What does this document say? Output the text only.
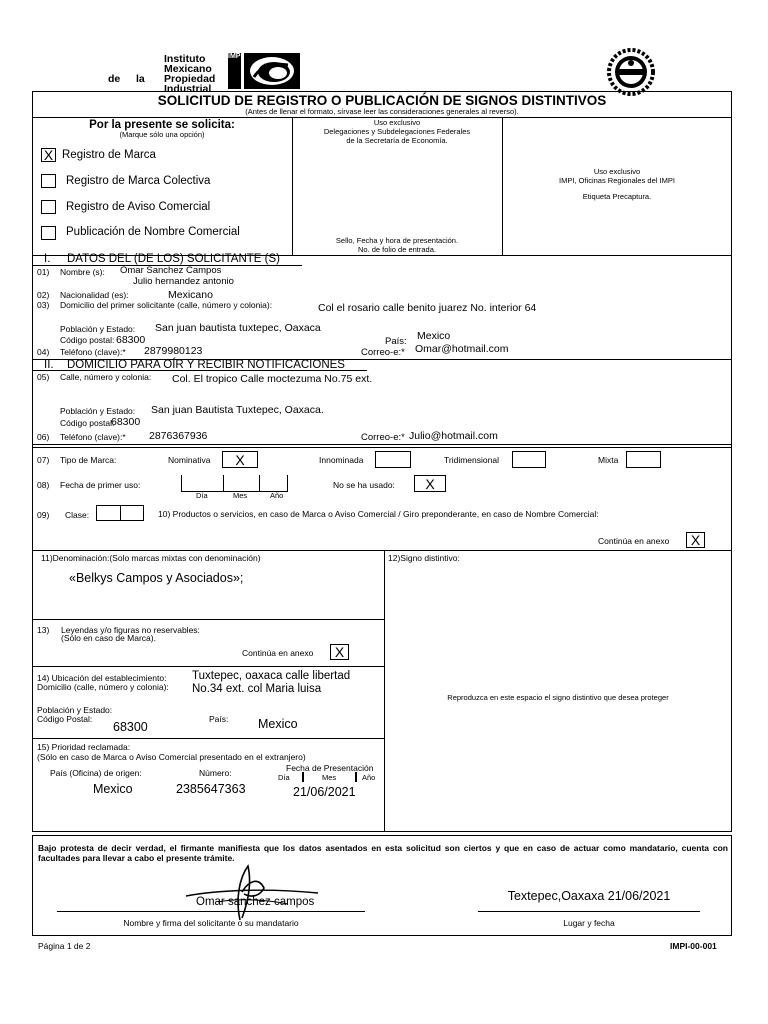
Instituto
Mexicano
de la Propiedad
Industrial
IMPI
SOLICITUD DE REGISTRO O PUBLICACIÓN DE SIGNOS DISTINTIVOS
(Antes de llenar el formato, sírvase leer las consideraciones generales al reverso).
Por la presente se solicita:
(Marque sólo una opción)
X Registro de Marca
Registro de Marca Colectiva
Registro de Aviso Comercial
Publicación de Nombre Comercial
Uso exclusivo
Delegaciones y Subdelegaciones Federales
de la Secretaría de Economía.
Sello, Fecha y hora de presentación.
No. de folio de entrada.
Uso exclusivo
IMPI, Oficinas Regionales del IMPI
Etiqueta Precaptura.
I. DATOS DEL (DE LOS) SOLICITANTE (S)
01) Nombre (s): Omar Sanchez Campos
Julio hernandez antonio
02) Nacionalidad (es):	Mexicano
03) Domicilio del primer solicitante (calle, número y colonia):	Col el rosario calle benito juarez No. interior 64
Población y Estado: San juan bautista tuxtepec, Oaxaca
Código postal: 68300	País: Mexico
04) Teléfono (clave):* 2879980123	Correo-e:* Omar@hotmail.com
II. DOMICILIO PARA OÍR Y RECIBIR NOTIFICACIONES
05) Calle, número y colonia: Col. El tropico Calle moctezuma No.75 ext.
Población y Estado: San juan Bautista Tuxtepec, Oaxaca.
Código postal:
68300
06) Teléfono (clave):* 2876367936	Correo-e:* Julio@hotmail.com
07) Tipo de Marca:	Nominativa	X	Innominada	Tridimensional	Mixta
08) Fecha de primer uso:
Día	Mes	Año
No se ha usado:	X
09) Clase:	10) Productos o servicios, en caso de Marca o Aviso Comercial / Giro preponderante, en caso de Nombre Comercial:
Continúa en anexo	X
11)Denominación:(Solo marcas mixtas con denominación)
«Belkys Campos y Asociados»;
12)Signo distintivo:
Reproduzca en este espacio el signo distintivo que desea proteger
13) Leyendas y/o figuras no reservables:
(Sólo en caso de Marca).
Continúa en anexo	X
14) Ubicación del establecimiento: Tuxtepec, oaxaca calle libertad
Domicilio (calle, número y colonia): No.34 ext. col Maria luisa
Población y Estado:
Código Postal:
68300
País: Mexico
15) Prioridad reclamada:
(Sólo en caso de Marca o Aviso Comercial presentado en el extranjero)
País (Oficina) de origen:	Número:	Fecha de Presentación
Día	Mes	Año
Mexico	2385647363	21/06/2021
Bajo protesta de decir verdad, el firmante manifiesta que los datos asentados en esta solicitud son ciertos y que en caso de actuar como mandatario, cuenta con facultades para llevar a cabo el presente trámite.
Omar sanchez campos
Nombre y firma del solicitante o su mandatario
Textepec,Oaxaxa 21/06/2021
Lugar y fecha
Página 1 de 2	IMPI-00-001
